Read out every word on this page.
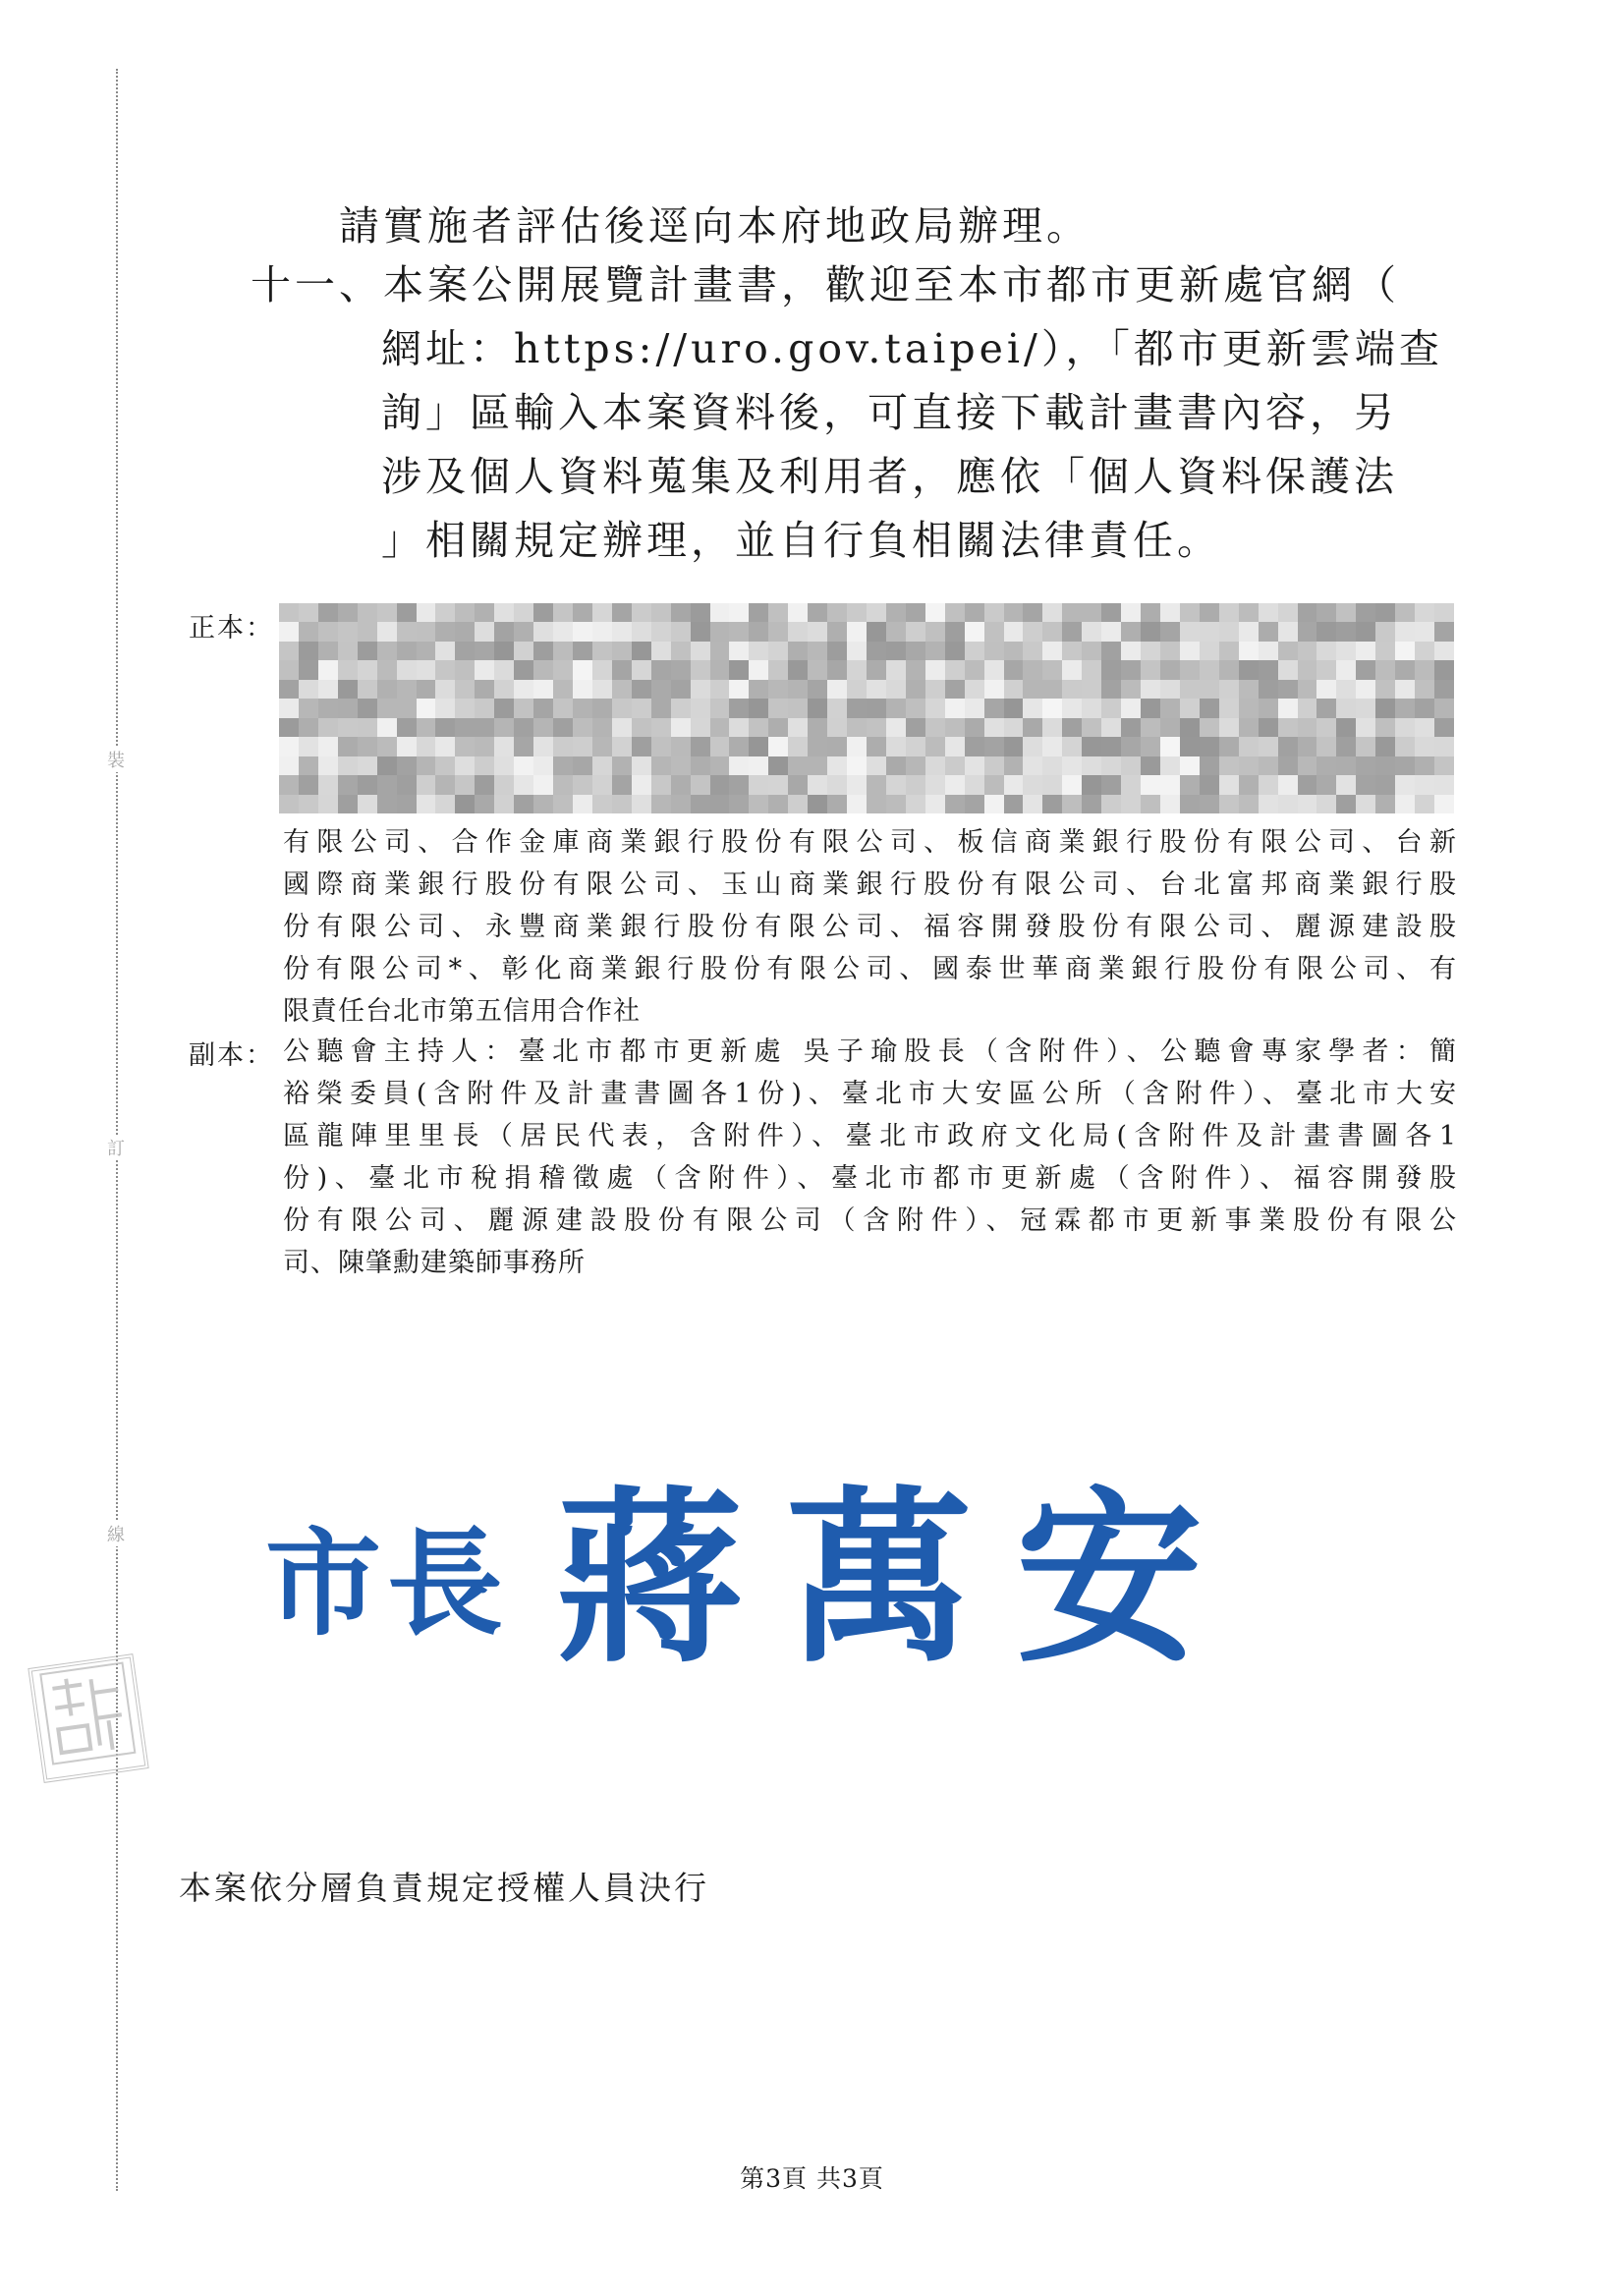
裝
訂
線
請實施者評估後逕向本府地政局辦理。
十一、本案公開展覽計畫書，歡迎至本市都市更新處官網（
網址：https://uro.gov.taipei/），「都市更新雲端查
詢」區輸入本案資料後，可直接下載計畫書內容，另
涉及個人資料蒐集及利用者，應依「個人資料保護法
」相關規定辦理，並自行負相關法律責任。
正本：
有限公司、合作金庫商業銀行股份有限公司、板信商業銀行股份有限公司、台新
國際商業銀行股份有限公司、玉山商業銀行股份有限公司、台北富邦商業銀行股
份有限公司、永豐商業銀行股份有限公司、福容開發股份有限公司、麗源建設股
份有限公司*、彰化商業銀行股份有限公司、國泰世華商業銀行股份有限公司、有
限責任台北市第五信用合作社
副本： 公聽會主持人：臺北市都市更新處 吳子瑜股長（含附件）、公聽會專家學者：簡
裕榮委員(含附件及計畫書圖各1份)、臺北市大安區公所（含附件）、臺北市大安
區龍陣里里長（居民代表，含附件）、臺北市政府文化局(含附件及計畫書圖各1
份)、臺北市稅捐稽徵處（含附件）、臺北市都市更新處（含附件）、福容開發股
份有限公司、麗源建設股份有限公司（含附件）、冠霖都市更新事業股份有限公
司、陳肇勳建築師事務所
市長 蔣萬安
本案依分層負責規定授權人員決行
第3頁 共3頁
